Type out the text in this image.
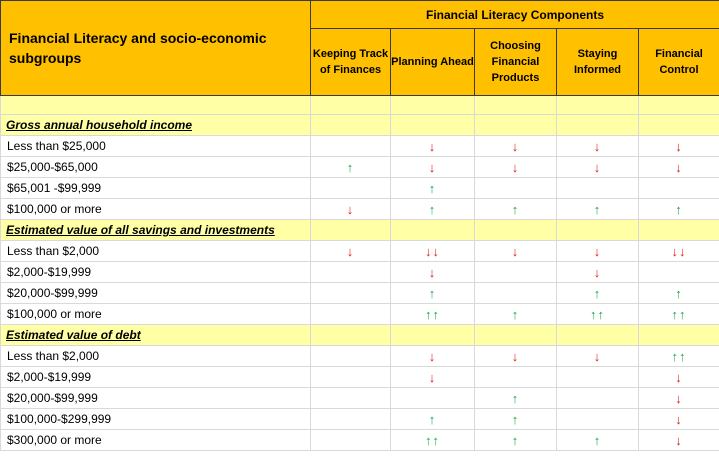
Financial Literacy and socio-economic subgroups	Financial Literacy Components				
	Keeping Track of Finances	Planning Ahead	Choosing Financial Products	Staying Informed	Financial Control

Gross annual household income					
Less than $25,000		↓	↓	↓	↓
$25,000-$65,000	↑	↓	↓	↓	↓
$65,001 -$99,999		↑			
$100,000 or more	↓	↑	↑	↑	↑
Estimated value of all savings and investments					
Less than $2,000	↓	↓↓	↓	↓	↓↓
$2,000-$19,999		↓		↓	
$20,000-$99,999		↑		↑	↑
$100,000 or more		↑↑	↑	↑↑	↑↑
Estimated value of debt					
Less than $2,000		↓	↓	↓	↑↑
$2,000-$19,999		↓			↓
$20,000-$99,999			↑		↓
$100,000-$299,999		↑	↑		↓
$300,000 or more		↑↑	↑	↑	↓
